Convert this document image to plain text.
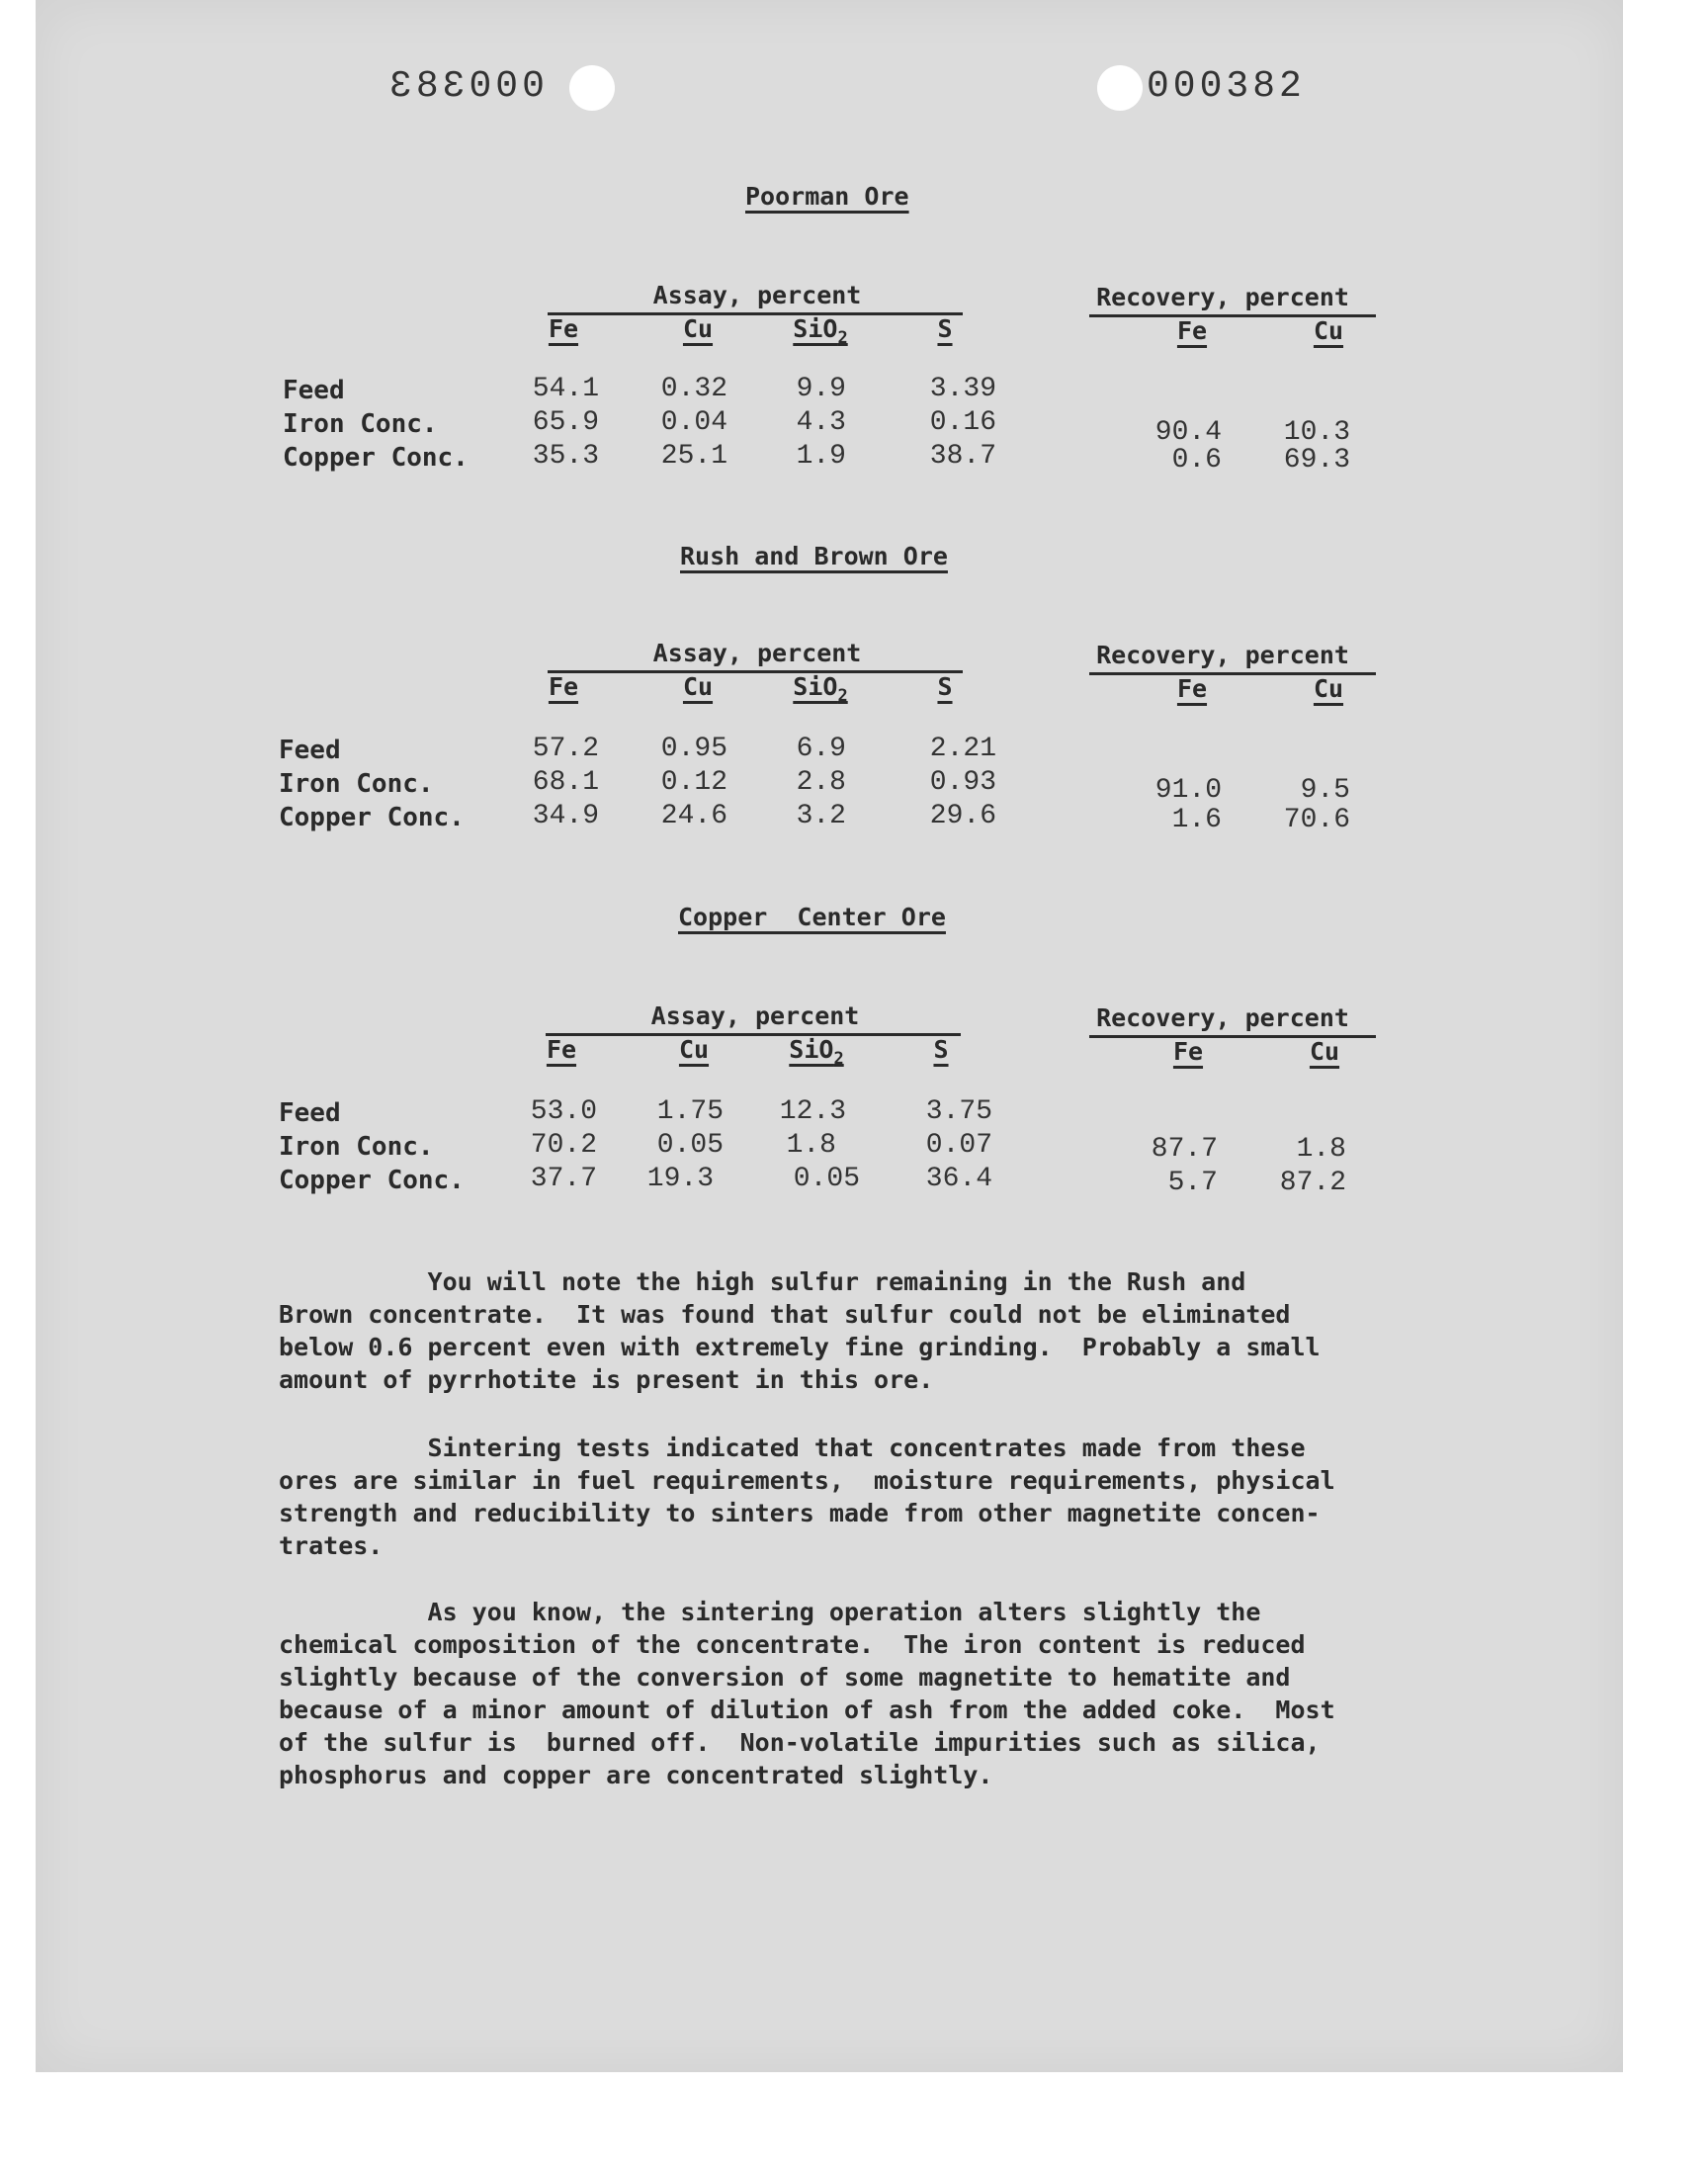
000383	000382
Poorman Ore
Assay, percent	Recovery, percent
Fe	Cu	SiO$_2$	S	Fe	Cu
Feed	54.1	0.32	9.9	3.39
Iron Conc.	65.9	0.04	4.3	0.16	90.4	10.3
Copper Conc.	35.3	25.1	1.9	38.7	0.6	69.3
Rush and Brown Ore
Assay, percent	Recovery, percent
Fe	Cu	SiO$_2$	S	Fe	Cu
Feed	57.2	0.95	6.9	2.21
Iron Conc.	68.1	0.12	2.8	0.93	91.0	9.5
Copper Conc.	34.9	24.6	3.2	29.6	1.6	70.6
Copper  Center Ore
Assay, percent	Recovery, percent
Fe	Cu	SiO$_2$	S	Fe	Cu
Feed	53.0	1.75	12.3	3.75
Iron Conc.	70.2	0.05	1.8	0.07	87.7	1.8
Copper Conc.	37.7	19.3	0.05	36.4	5.7	87.2
You will note the high sulfur remaining in the Rush and
Brown concentrate.  It was found that sulfur could not be eliminated
below 0.6 percent even with extremely fine grinding.  Probably a small
amount of pyrrhotite is present in this ore.
Sintering tests indicated that concentrates made from these
ores are similar in fuel requirements,  moisture requirements, physical
strength and reducibility to sinters made from other magnetite concen-
trates.
As you know, the sintering operation alters slightly the
chemical composition of the concentrate.  The iron content is reduced
slightly because of the conversion of some magnetite to hematite and
because of a minor amount of dilution of ash from the added coke.  Most
of the sulfur is  burned off.  Non-volatile impurities such as silica,
phosphorus and copper are concentrated slightly.
